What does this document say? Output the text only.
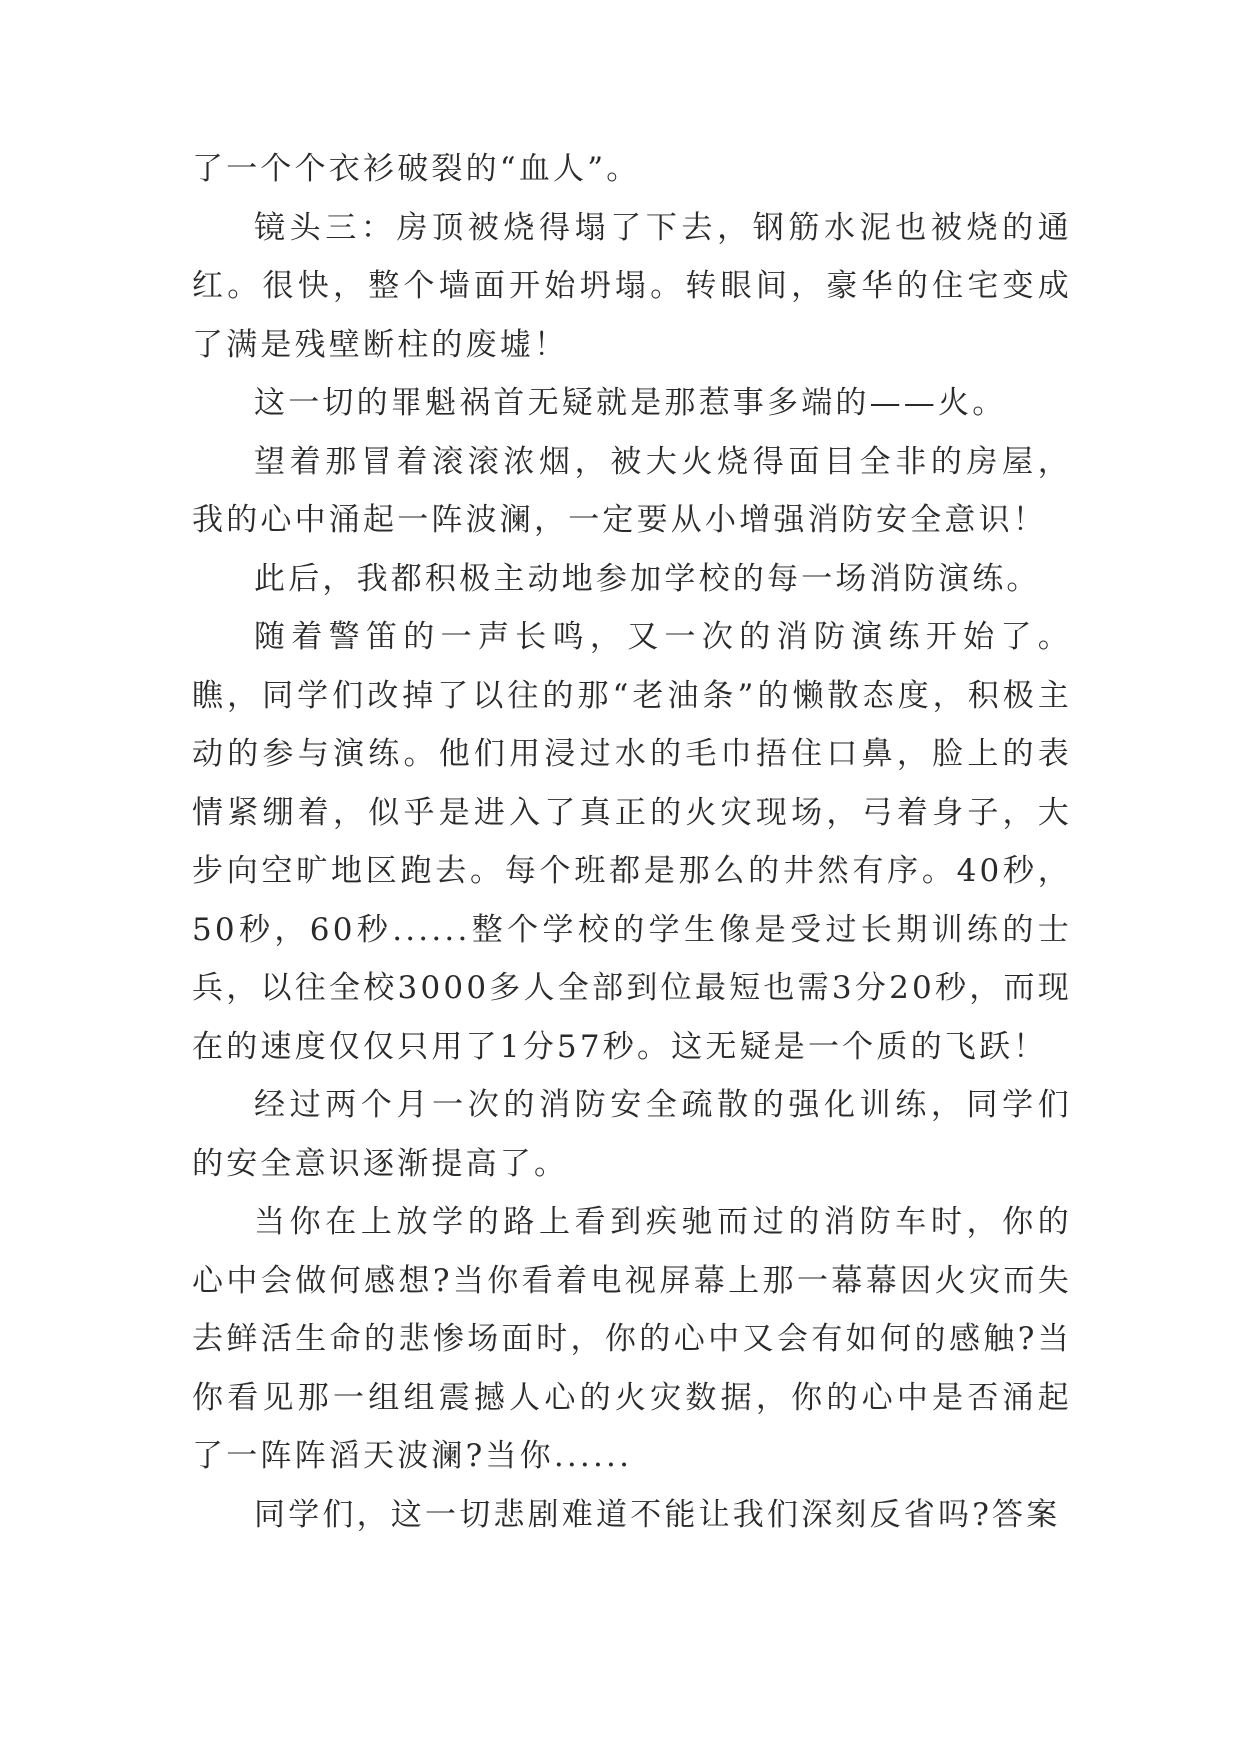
了一个个衣衫破裂的“血人”。

镜头三：房顶被烧得塌了下去，钢筋水泥也被烧的通红。很快，整个墙面开始坍塌。转眼间，豪华的住宅变成了满是残壁断柱的废墟！

这一切的罪魁祸首无疑就是那惹事多端的——火。

望着那冒着滚滚浓烟，被大火烧得面目全非的房屋，我的心中涌起一阵波澜，一定要从小增强消防安全意识！

此后，我都积极主动地参加学校的每一场消防演练。

随着警笛的一声长鸣，又一次的消防演练开始了。瞧，同学们改掉了以往的那“老油条”的懒散态度，积极主动的参与演练。他们用浸过水的毛巾捂住口鼻，脸上的表情紧绷着，似乎是进入了真正的火灾现场，弓着身子，大步向空旷地区跑去。每个班都是那么的井然有序。40秒，50秒，60秒......整个学校的学生像是受过长期训练的士兵，以往全校3000多人全部到位最短也需3分20秒，而现在的速度仅仅只用了1分57秒。这无疑是一个质的飞跃！

经过两个月一次的消防安全疏散的强化训练，同学们的安全意识逐渐提高了。

当你在上放学的路上看到疾驰而过的消防车时，你的心中会做何感想?当你看着电视屏幕上那一幕幕因火灾而失去鲜活生命的悲惨场面时，你的心中又会有如何的感触?当你看见那一组组震撼人心的火灾数据，你的心中是否涌起了一阵阵滔天波澜?当你......

同学们，这一切悲剧难道不能让我们深刻反省吗?答案
